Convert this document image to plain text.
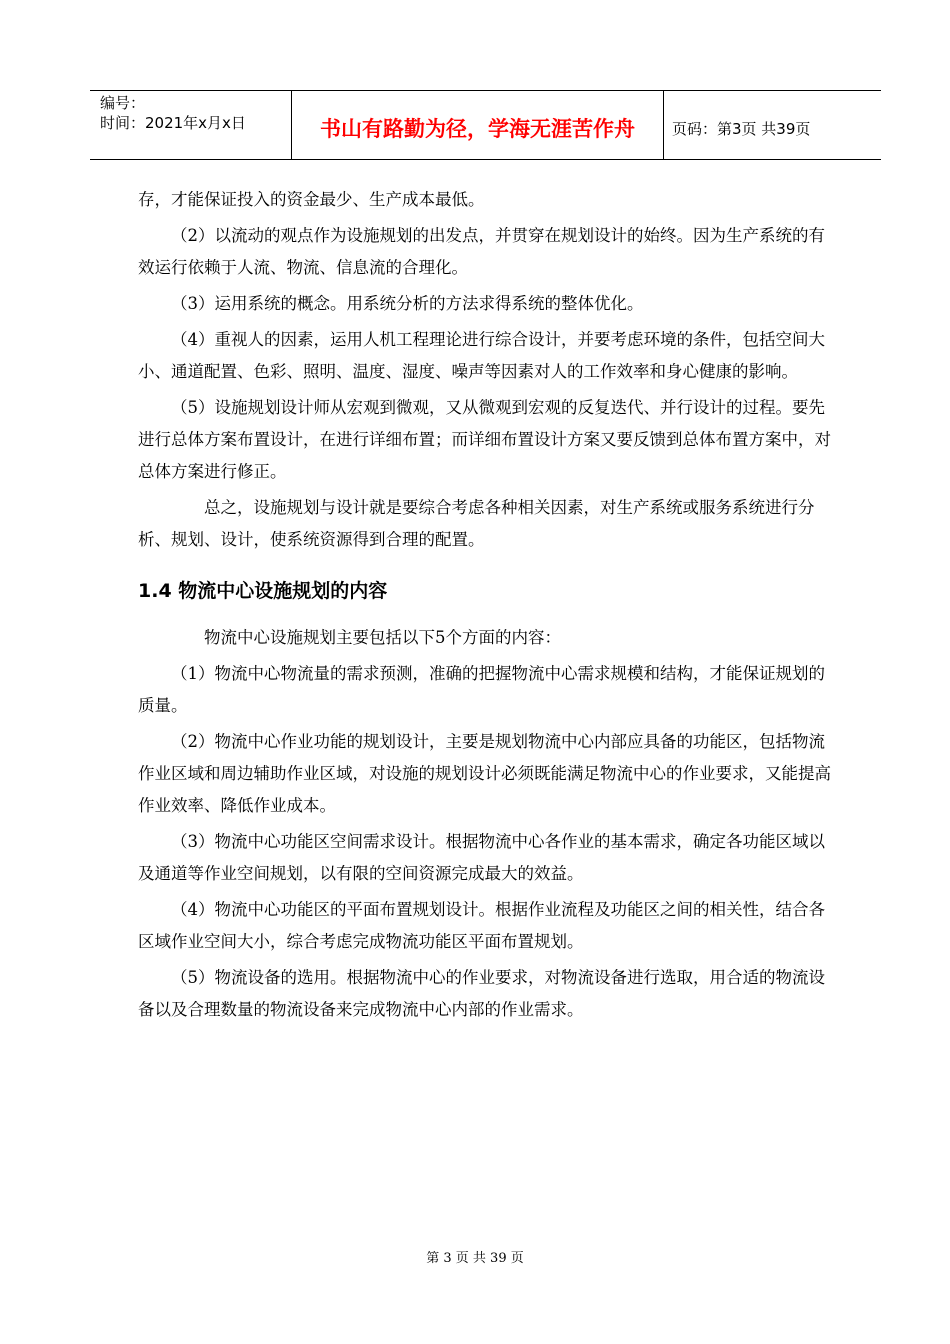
编号：
时间：2021年x月x日	书山有路勤为径，学海无涯苦作舟	页码：第3页 共39页

存，才能保证投入的资金最少、生产成本最低。

（2）以流动的观点作为设施规划的出发点，并贯穿在规划设计的始终。因为生产系统的有效运行依赖于人流、物流、信息流的合理化。

（3）运用系统的概念。用系统分析的方法求得系统的整体优化。

（4）重视人的因素，运用人机工程理论进行综合设计，并要考虑环境的条件，包括空间大小、通道配置、色彩、照明、温度、湿度、噪声等因素对人的工作效率和身心健康的影响。

（5）设施规划设计师从宏观到微观，又从微观到宏观的反复迭代、并行设计的过程。要先进行总体方案布置设计，在进行详细布置；而详细布置设计方案又要反馈到总体布置方案中，对总体方案进行修正。

总之，设施规划与设计就是要综合考虑各种相关因素，对生产系统或服务系统进行分析、规划、设计，使系统资源得到合理的配置。

1.4 物流中心设施规划的内容

物流中心设施规划主要包括以下5个方面的内容：

（1）物流中心物流量的需求预测，准确的把握物流中心需求规模和结构，才能保证规划的质量。

（2）物流中心作业功能的规划设计，主要是规划物流中心内部应具备的功能区，包括物流作业区域和周边辅助作业区域，对设施的规划设计必须既能满足物流中心的作业要求，又能提高作业效率、降低作业成本。

（3）物流中心功能区空间需求设计。根据物流中心各作业的基本需求，确定各功能区域以及通道等作业空间规划，以有限的空间资源完成最大的效益。

（4）物流中心功能区的平面布置规划设计。根据作业流程及功能区之间的相关性，结合各区域作业空间大小，综合考虑完成物流功能区平面布置规划。

（5）物流设备的选用。根据物流中心的作业要求，对物流设备进行选取，用合适的物流设备以及合理数量的物流设备来完成物流中心内部的作业需求。

第 3 页 共 39 页
